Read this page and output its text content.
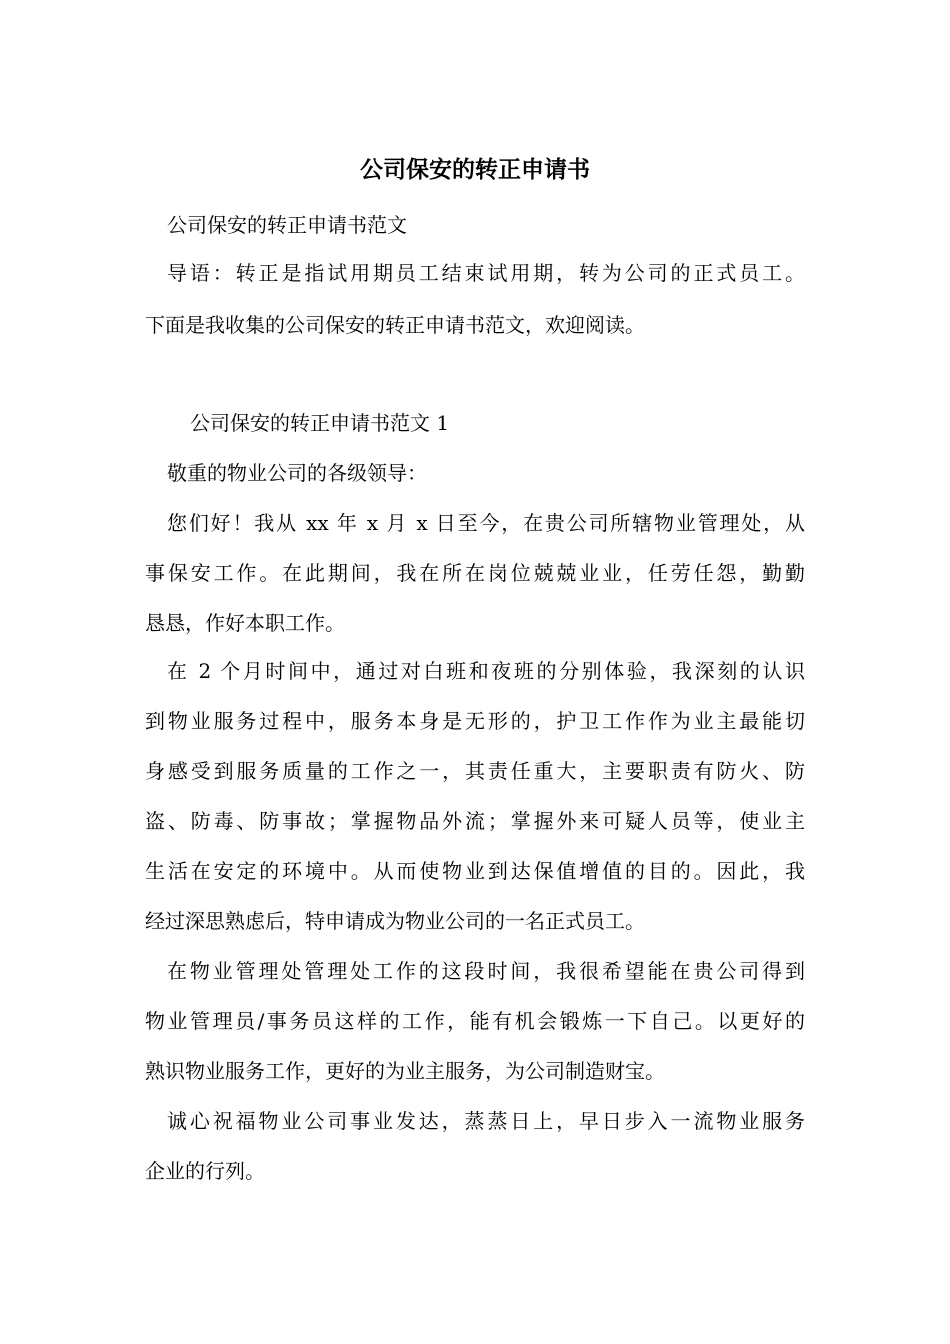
公司保安的转正申请书
公司保安的转正申请书范文
导语：转正是指试用期员工结束试用期，转为公司的正式员工。
下面是我收集的公司保安的转正申请书范文，欢迎阅读。
公司保安的转正申请书范文 1
敬重的物业公司的各级领导：
您们好！我从 xx 年 x 月 x 日至今，在贵公司所辖物业管理处，从
事保安工作。在此期间，我在所在岗位兢兢业业，任劳任怨，勤勤
恳恳，作好本职工作。
在 2 个月时间中，通过对白班和夜班的分别体验，我深刻的认识
到物业服务过程中，服务本身是无形的，护卫工作作为业主最能切
身感受到服务质量的工作之一，其责任重大，主要职责有防火、防
盗、防毒、防事故；掌握物品外流；掌握外来可疑人员等，使业主
生活在安定的环境中。从而使物业到达保值增值的目的。因此，我
经过深思熟虑后，特申请成为物业公司的一名正式员工。
在物业管理处管理处工作的这段时间，我很希望能在贵公司得到
物业管理员/事务员这样的工作，能有机会锻炼一下自己。以更好的
熟识物业服务工作，更好的为业主服务，为公司制造财宝。
诚心祝福物业公司事业发达，蒸蒸日上，早日步入一流物业服务
企业的行列。
